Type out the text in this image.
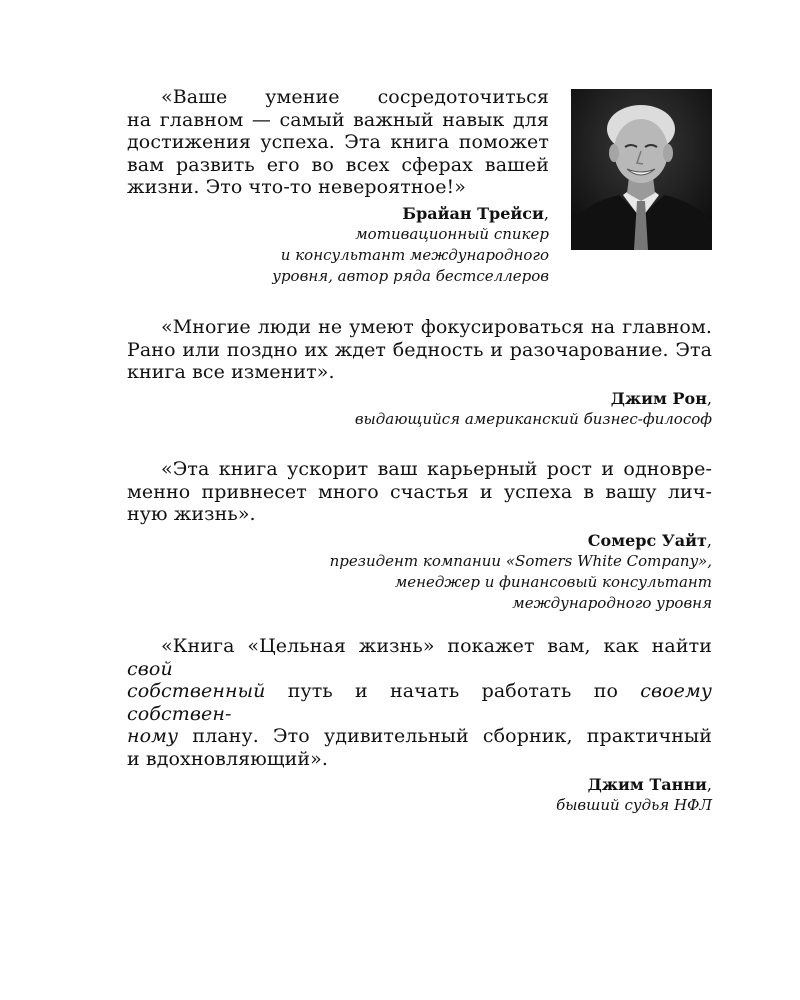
«Ваше умение сосредоточиться
на главном — самый важный навык для
достижения успеха. Эта книга поможет
вам развить его во всех сферах вашей
жизни. Это что-то невероятное!»

Брайан Трейси,
мотивационный спикер
и консультант международного
уровня, автор ряда бестселлеров

«Многие люди не умеют фокусироваться на главном.
Рано или поздно их ждет бедность и разочарование. Эта
книга все изменит».

Джим Рон,
выдающийся американский бизнес-философ

«Эта книга ускорит ваш карьерный рост и одновре-
менно привнесет много счастья и успеха в вашу лич-
ную жизнь».

Сомерс Уайт,
президент компании «Somers White Company»,
менеджер и финансовый консультант
международного уровня

«Книга «Цельная жизнь» покажет вам, как найти свой
собственный путь и начать работать по своему собствен-
ному плану. Это удивительный сборник, практичный
и вдохновляющий».

Джим Танни,
бывший судья НФЛ
